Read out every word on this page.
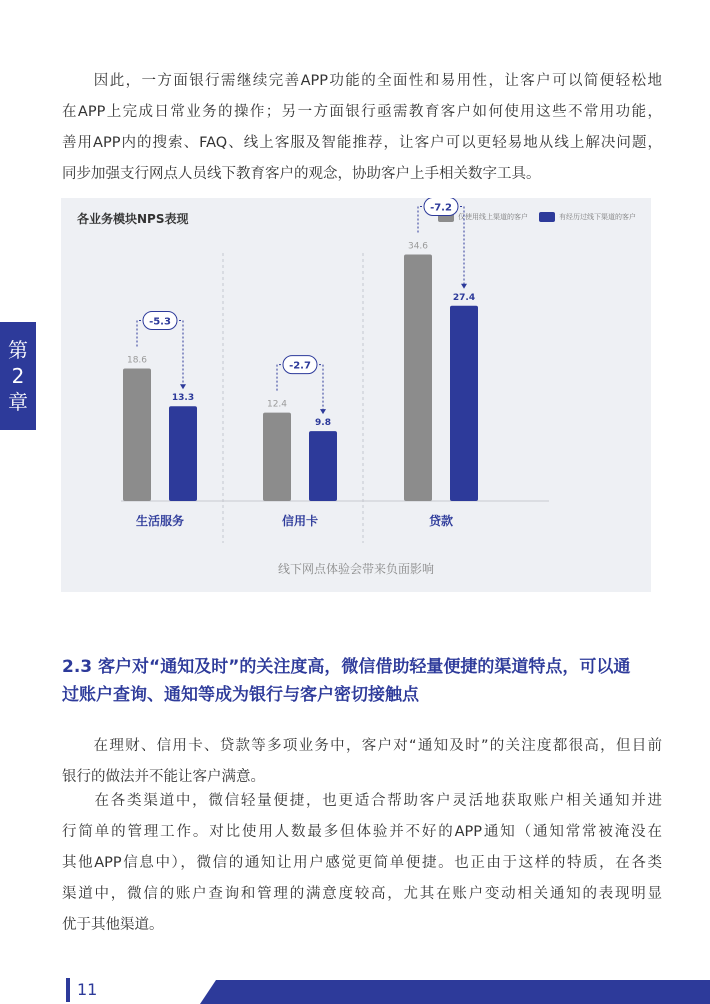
　　因此，一方面银行需继续完善APP功能的全面性和易用性，让客户可以简便轻松地
在APP上完成日常业务的操作；另一方面银行亟需教育客户如何使用这些不常用功能，
善用APP内的搜索、FAQ、线上客服及智能推荐，让客户可以更轻易地从线上解决问题，
同步加强支行网点人员线下教育客户的观念，协助客户上手相关数字工具。
第
2
章
各业务模块NPS表现	仅使用线上渠道的客户	有经历过线下渠道的客户
18.6
13.3
-5.3
生活服务
12.4
9.8
-2.7
信用卡
34.6
27.4
-7.2
贷款
线下网点体验会带来负面影响
2.3 客户对“通知及时”的关注度高，微信借助轻量便捷的渠道特点，可以通
过账户查询、通知等成为银行与客户密切接触点
　　在理财、信用卡、贷款等多项业务中，客户对“通知及时”的关注度都很高，但目前
银行的做法并不能让客户满意。
　　在各类渠道中，微信轻量便捷，也更适合帮助客户灵活地获取账户相关通知并进
行简单的管理工作。对比使用人数最多但体验并不好的APP通知（通知常常被淹没在
其他APP信息中），微信的通知让用户感觉更简单便捷。也正由于这样的特质，在各类
渠道中，微信的账户查询和管理的满意度较高，尤其在账户变动相关通知的表现明显
优于其他渠道。
11
